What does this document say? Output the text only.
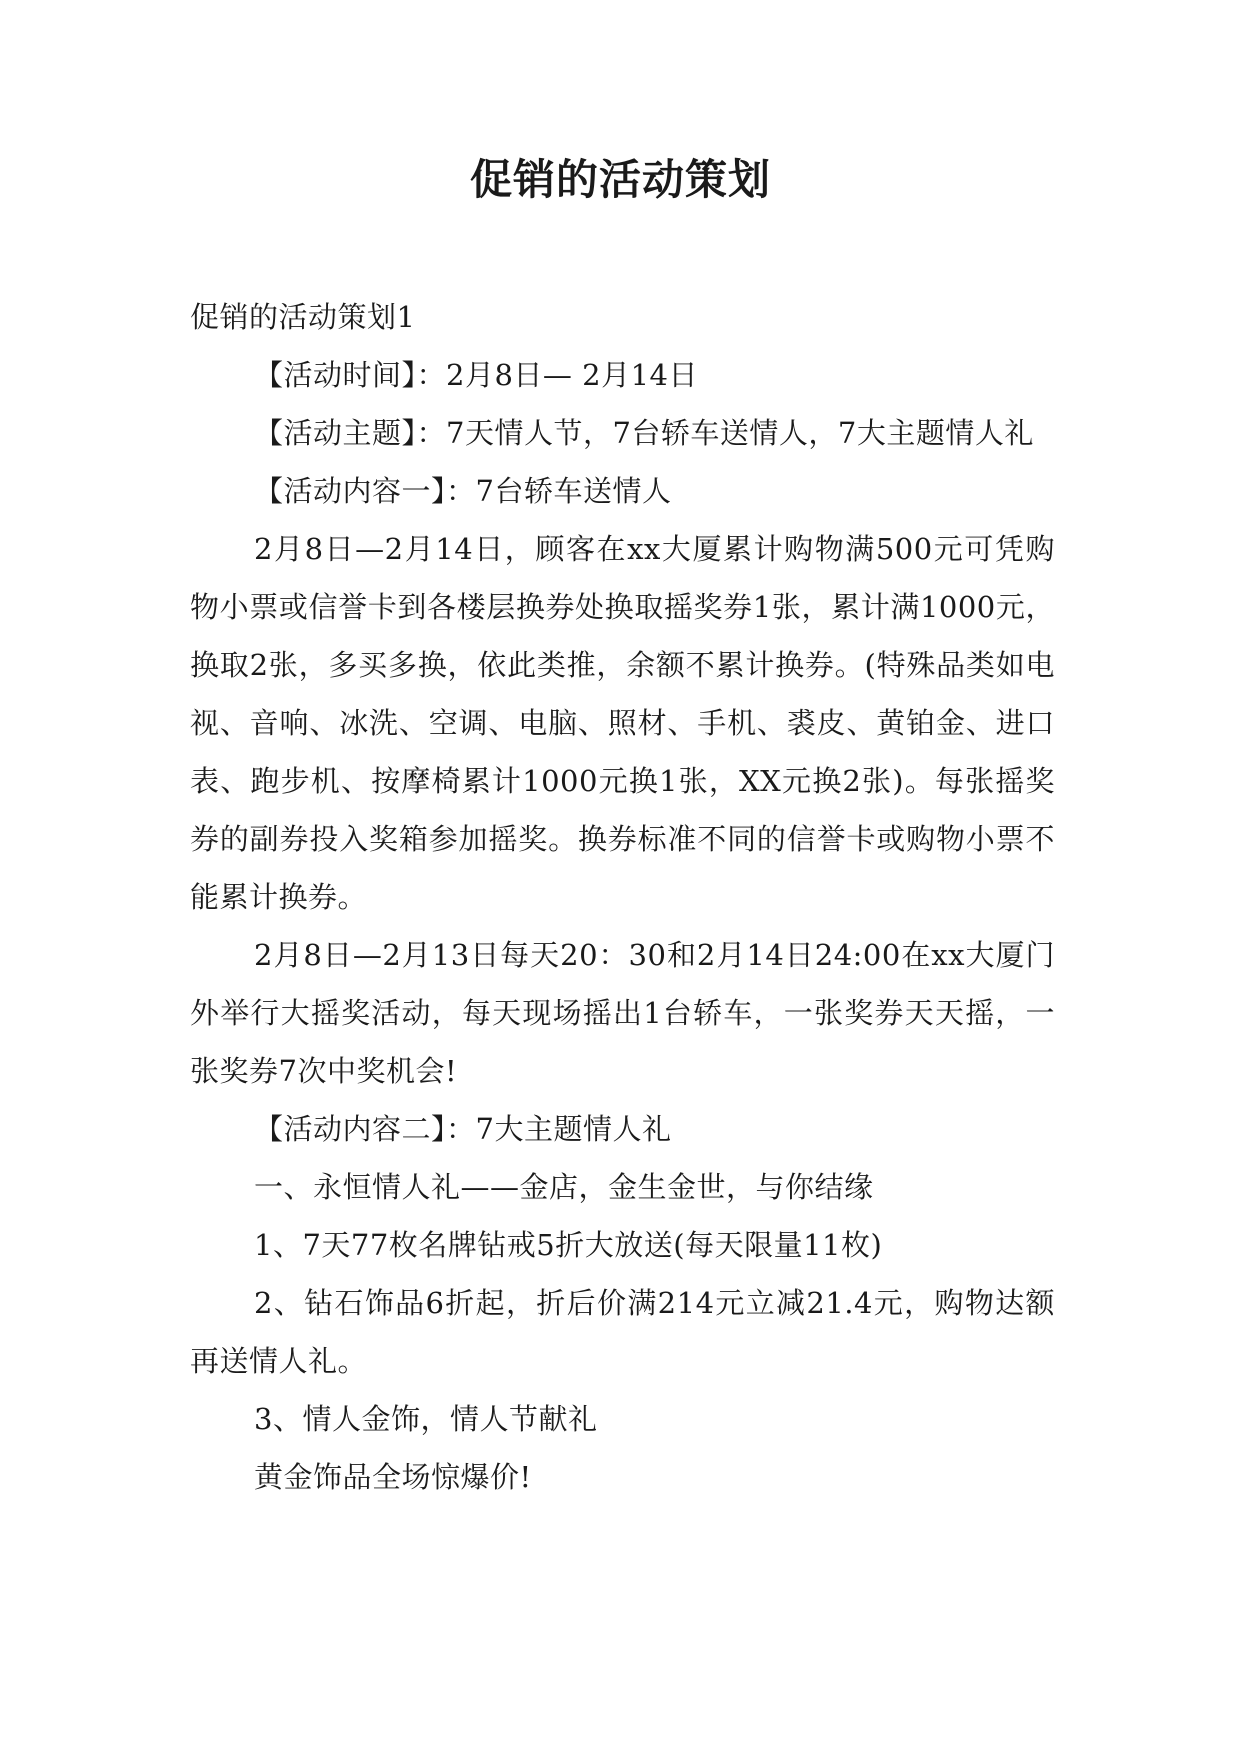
促销的活动策划

促销的活动策划1

【活动时间】：2月8日— 2月14日

【活动主题】：7天情人节，7台轿车送情人，7大主题情人礼

【活动内容一】：7台轿车送情人

2月8日—2月14日，顾客在xx大厦累计购物满500元可凭购物小票或信誉卡到各楼层换券处换取摇奖券1张，累计满1000元，换取2张，多买多换，依此类推，余额不累计换券。(特殊品类如电视、音响、冰洗、空调、电脑、照材、手机、裘皮、黄铂金、进口表、跑步机、按摩椅累计1000元换1张，XX元换2张)。每张摇奖券的副券投入奖箱参加摇奖。换券标准不同的信誉卡或购物小票不能累计换券。

2月8日—2月13日每天20：30和2月14日24:00在xx大厦门外举行大摇奖活动，每天现场摇出1台轿车，一张奖券天天摇，一张奖券7次中奖机会!

【活动内容二】：7大主题情人礼

一、永恒情人礼——金店，金生金世，与你结缘

1、7天77枚名牌钻戒5折大放送(每天限量11枚)

2、钻石饰品6折起，折后价满214元立减21.4元，购物达额再送情人礼。

3、情人金饰，情人节献礼

黄金饰品全场惊爆价!
